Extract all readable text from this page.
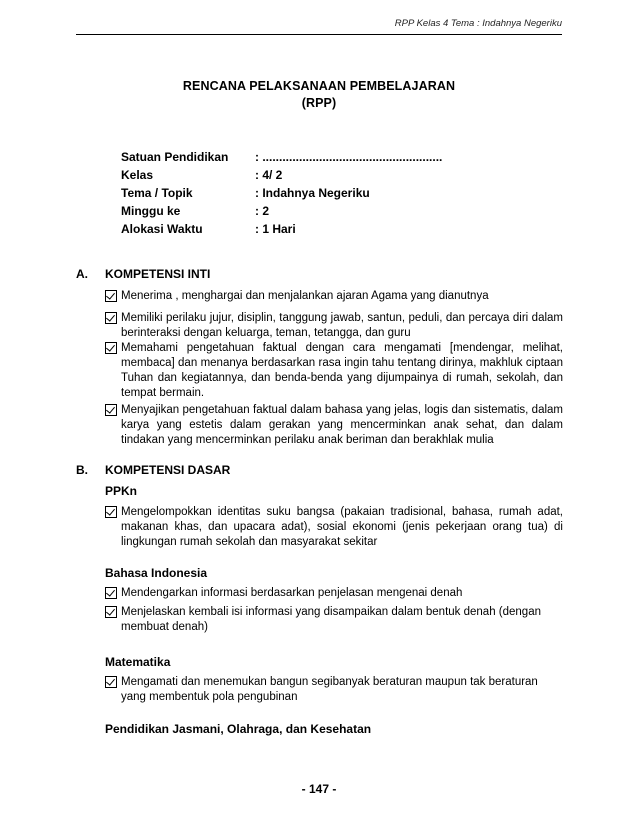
RPP Kelas 4 Tema : Indahnya Negeriku
RENCANA PELAKSANAAN PEMBELAJARAN
(RPP)
Satuan Pendidikan : ......................................................
Kelas	: 4/ 2
Tema / Topik	: Indahnya Negeriku
Minggu ke	: 2
Alokasi Waktu	: 1 Hari
A. KOMPETENSI INTI
Menerima , menghargai dan menjalankan ajaran Agama yang dianutnya
Memiliki perilaku jujur, disiplin, tanggung jawab, santun, peduli, dan percaya diri dalam berinteraksi dengan keluarga, teman, tetangga, dan guru
Memahami pengetahuan faktual dengan cara mengamati [mendengar, melihat, membaca] dan menanya berdasarkan rasa ingin tahu tentang dirinya, makhluk ciptaan Tuhan dan kegiatannya, dan benda-benda yang dijumpainya di rumah, sekolah, dan tempat bermain.
Menyajikan pengetahuan faktual dalam bahasa yang jelas, logis dan sistematis, dalam karya yang estetis dalam gerakan yang mencerminkan anak sehat, dan dalam tindakan yang mencerminkan perilaku anak beriman dan berakhlak mulia
B. KOMPETENSI DASAR
PPKn
Mengelompokkan identitas suku bangsa (pakaian tradisional, bahasa, rumah adat, makanan khas, dan upacara adat), sosial ekonomi (jenis pekerjaan orang tua) di lingkungan rumah sekolah dan masyarakat sekitar
Bahasa Indonesia
Mendengarkan informasi berdasarkan penjelasan mengenai denah
Menjelaskan kembali isi informasi yang disampaikan dalam bentuk denah (dengan membuat denah)
Matematika
Mengamati dan menemukan bangun segibanyak beraturan maupun tak beraturan yang membentuk pola pengubinan
Pendidikan Jasmani, Olahraga, dan Kesehatan
- 147 -
